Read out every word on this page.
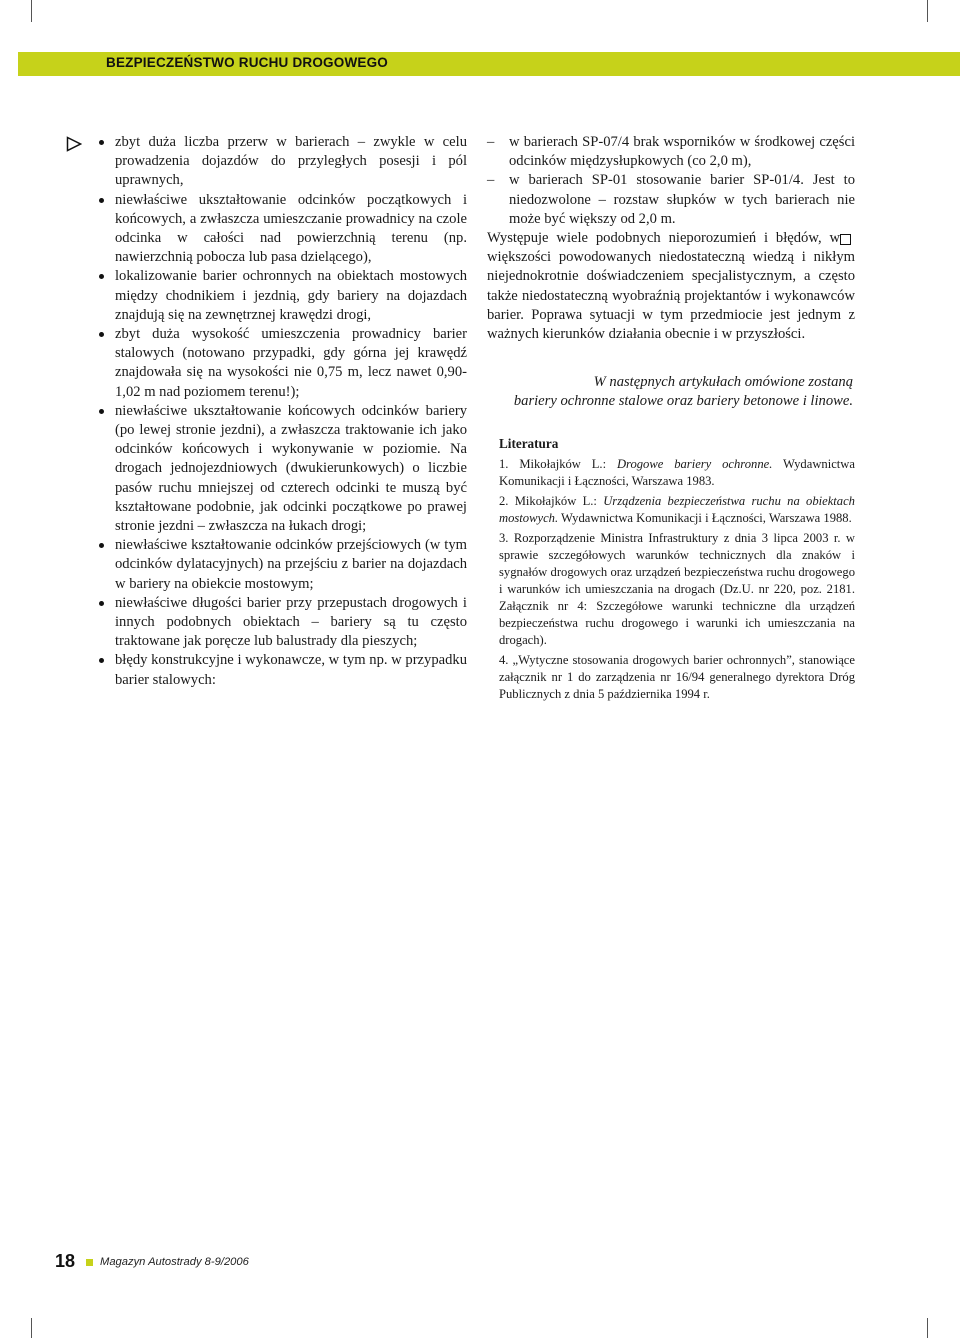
BEZPIECZEŃSTWO RUCHU DROGOWEGO
zbyt duża liczba przerw w barierach – zwykle w celu prowadzenia dojazdów do przyległych posesji i pól uprawnych,
niewłaściwe ukształtowanie odcinków początkowych i końcowych, a zwłaszcza umieszczanie prowadnicy na czole odcinka w całości nad powierzchnią terenu (np. nawierzchnią pobocza lub pasa dzielącego),
lokalizowanie barier ochronnych na obiektach mostowych między chodnikiem i jezdnią, gdy bariery na dojazdach znajdują się na zewnętrznej krawędzi drogi,
zbyt duża wysokość umieszczenia prowadnicy barier stalowych (notowano przypadki, gdy górna jej krawędź znajdowała się na wysokości nie 0,75 m, lecz nawet 0,90-1,02 m nad poziomem terenu!);
niewłaściwe ukształtowanie końcowych odcinków bariery (po lewej stronie jezdni), a zwłaszcza traktowanie ich jako odcinków końcowych i wykonywanie w poziomie. Na drogach jednojezdniowych (dwukierunkowych) o liczbie pasów ruchu mniejszej od czterech odcinki te muszą być kształtowane podobnie, jak odcinki początkowe po prawej stronie jezdni – zwłaszcza na łukach drogi;
niewłaściwe kształtowanie odcinków przejściowych (w tym odcinków dylatacyjnych) na przejściu z barier na dojazdach w bariery na obiekcie mostowym;
niewłaściwe długości barier przy przepustach drogowych i innych podobnych obiektach – bariery są tu często traktowane jak poręcze lub balustrady dla pieszych;
błędy konstrukcyjne i wykonawcze, w tym np. w przypadku barier stalowych:
– w barierach SP-07/4 brak wsporników w środkowej części odcinków międzysłupkowych (co 2,0 m),
– w barierach SP-01 stosowanie barier SP-01/4. Jest to niedozwolone – rozstaw słupków w tych barierach nie może być większy od 2,0 m.

Występuje wiele podobnych nieporozumień i błędów, w większości powodowanych niedostateczną wiedzą i nikłym niejednokrotnie doświadczeniem specjalistycznym, a często także niedostateczną wyobraźnią projektantów i wykonawców barier. Poprawa sytuacji w tym przedmiocie jest jednym z ważnych kierunków działania obecnie i w przyszłości.

W następnych artykułach omówione zostaną
bariery ochronne stalowe oraz bariery betonowe i linowe.
Literatura
1. Mikołajków L.: Drogowe bariery ochronne. Wydawnictwa Komunikacji i Łączności, Warszawa 1983.
2. Mikołajków L.: Urządzenia bezpieczeństwa ruchu na obiektach mostowych. Wydawnictwa Komunikacji i Łączności, Warszawa 1988.
3. Rozporządzenie Ministra Infrastruktury z dnia 3 lipca 2003 r. w sprawie szczegółowych warunków technicznych dla znaków i sygnałów drogowych oraz urządzeń bezpieczeństwa ruchu drogowego i warunków ich umieszczania na drogach (Dz.U. nr 220, poz. 2181. Załącznik nr 4: Szczegółowe warunki techniczne dla urządzeń bezpieczeństwa ruchu drogowego i warunki ich umieszczania na drogach).
4. „Wytyczne stosowania drogowych barier ochronnych”, stanowiące załącznik nr 1 do zarządzenia nr 16/94 generalnego dyrektora Dróg Publicznych z dnia 5 października 1994 r.
18 Magazyn Autostrady 8-9/2006
